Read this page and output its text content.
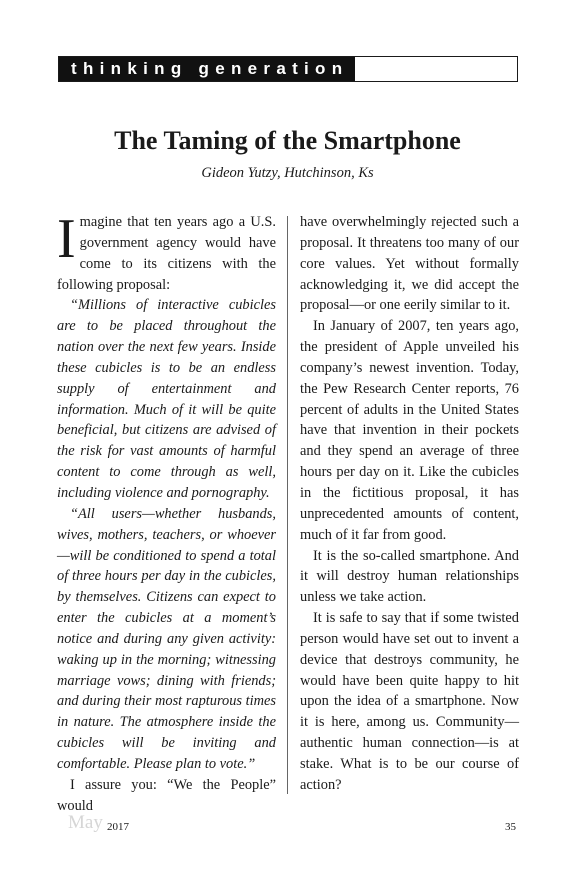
thinking generation
The Taming of the Smartphone
Gideon Yutzy, Hutchinson, Ks

Imagine that ten years ago a U.S. government agency would have come to its citizens with the following proposal:

“Millions of interactive cubicles are to be placed throughout the nation over the next few years. Inside these cubicles is to be an endless supply of entertainment and information. Much of it will be quite beneficial, but citizens are advised of the risk for vast amounts of harmful content to come through as well, including violence and pornography.

“All users—whether husbands, wives, mothers, teachers, or whoever—will be conditioned to spend a total of three hours per day in the cubicles, by themselves. Citizens can expect to enter the cubicles at a moment’s notice and during any given activity: waking up in the morning; witnessing marriage vows; dining with friends; and during their most rapturous times in nature. The atmosphere inside the cubicles will be inviting and comfortable. Please plan to vote.”

I assure you: “We the People” would

have overwhelmingly rejected such a proposal. It threatens too many of our core values. Yet without formally acknowledging it, we did accept the proposal—or one eerily similar to it.

In January of 2007, ten years ago, the president of Apple unveiled his company’s newest invention. Today, the Pew Research Center reports, 76 percent of adults in the United States have that invention in their pockets and they spend an average of three hours per day on it. Like the cubicles in the fictitious proposal, it has unprecedented amounts of content, much of it far from good.

It is the so-called smartphone. And it will destroy human relationships unless we take action.

It is safe to say that if some twisted person would have set out to invent a device that destroys community, he would have been quite happy to hit upon the idea of a smartphone. Now it is here, among us. Community—authentic human connection—is at stake. What is to be our course of action?

May 2017	35
